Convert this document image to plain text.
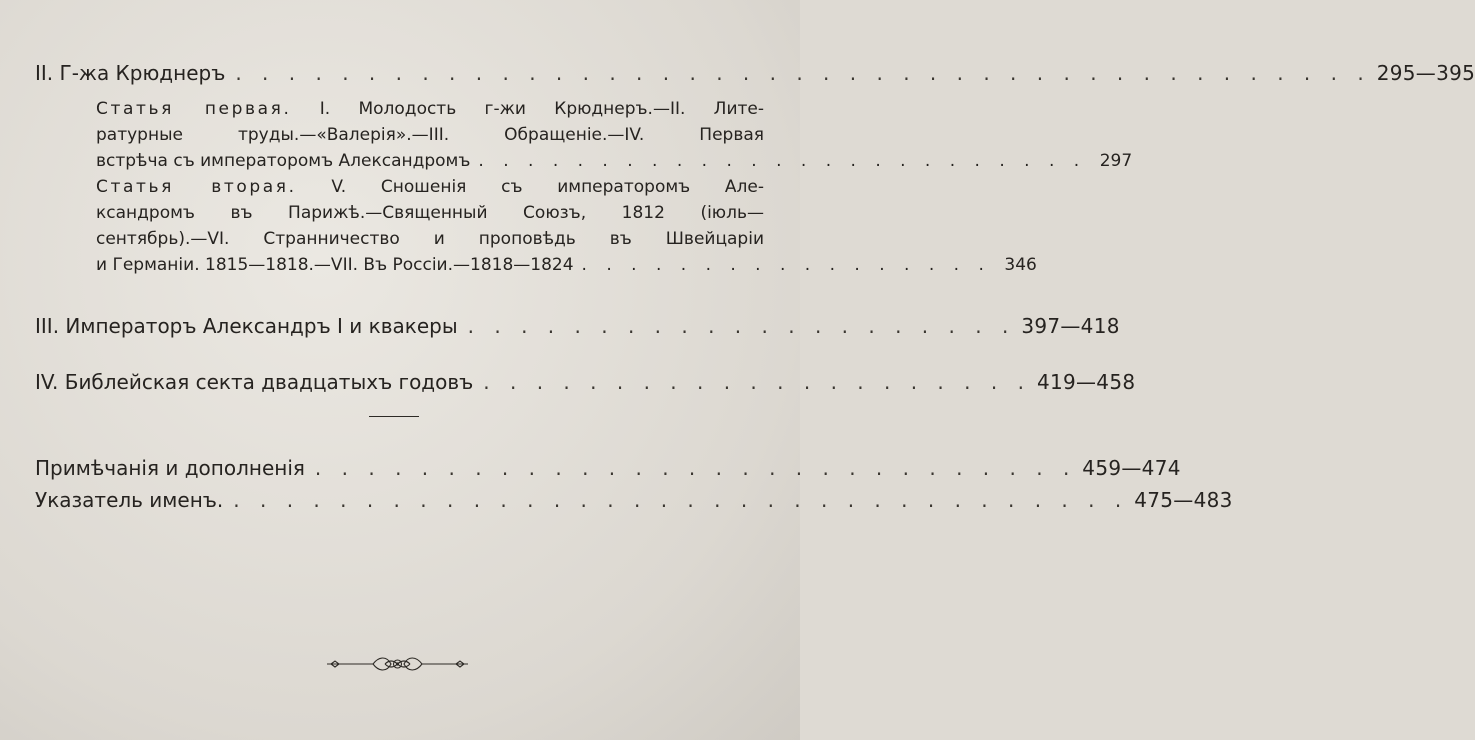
II. Г-жа Крюднеръ . . . . . . . . . . . . . . . . . . . . . . . . . . . . . . . . . . . . . . . . . . . 295—395
Статья первая. I. Молодость г-жи Крюднеръ.—II. Лите-
ратурные труды.—«Валерія».—III. Обращеніе.—IV. Первая
встрѣча съ императоромъ Александромъ . . . . . . . . . . . . . . . . . . . . . . . . . 297
Статья вторая. V. Сношенія съ императоромъ Але-
ксандромъ въ Парижѣ.—Священный Союзъ, 1812 (іюль—
сентябрь).—VI. Странничество и проповѣдь въ Швейцаріи
и Германіи. 1815—1818.—VII. Въ Россіи.—1818—1824 . . . . . . . . . . . . . . . . . 346
III. Императоръ Александръ I и квакеры . . . . . . . . . . . . . . . . . . . . . 397—418
IV. Библейская секта двадцатыхъ годовъ . . . . . . . . . . . . . . . . . . . . . 419—458
Примѣчанія и дополненія . . . . . . . . . . . . . . . . . . . . . . . . . . . . . 459—474
Указатель именъ. . . . . . . . . . . . . . . . . . . . . . . . . . . . . . . . . . . 475—483
